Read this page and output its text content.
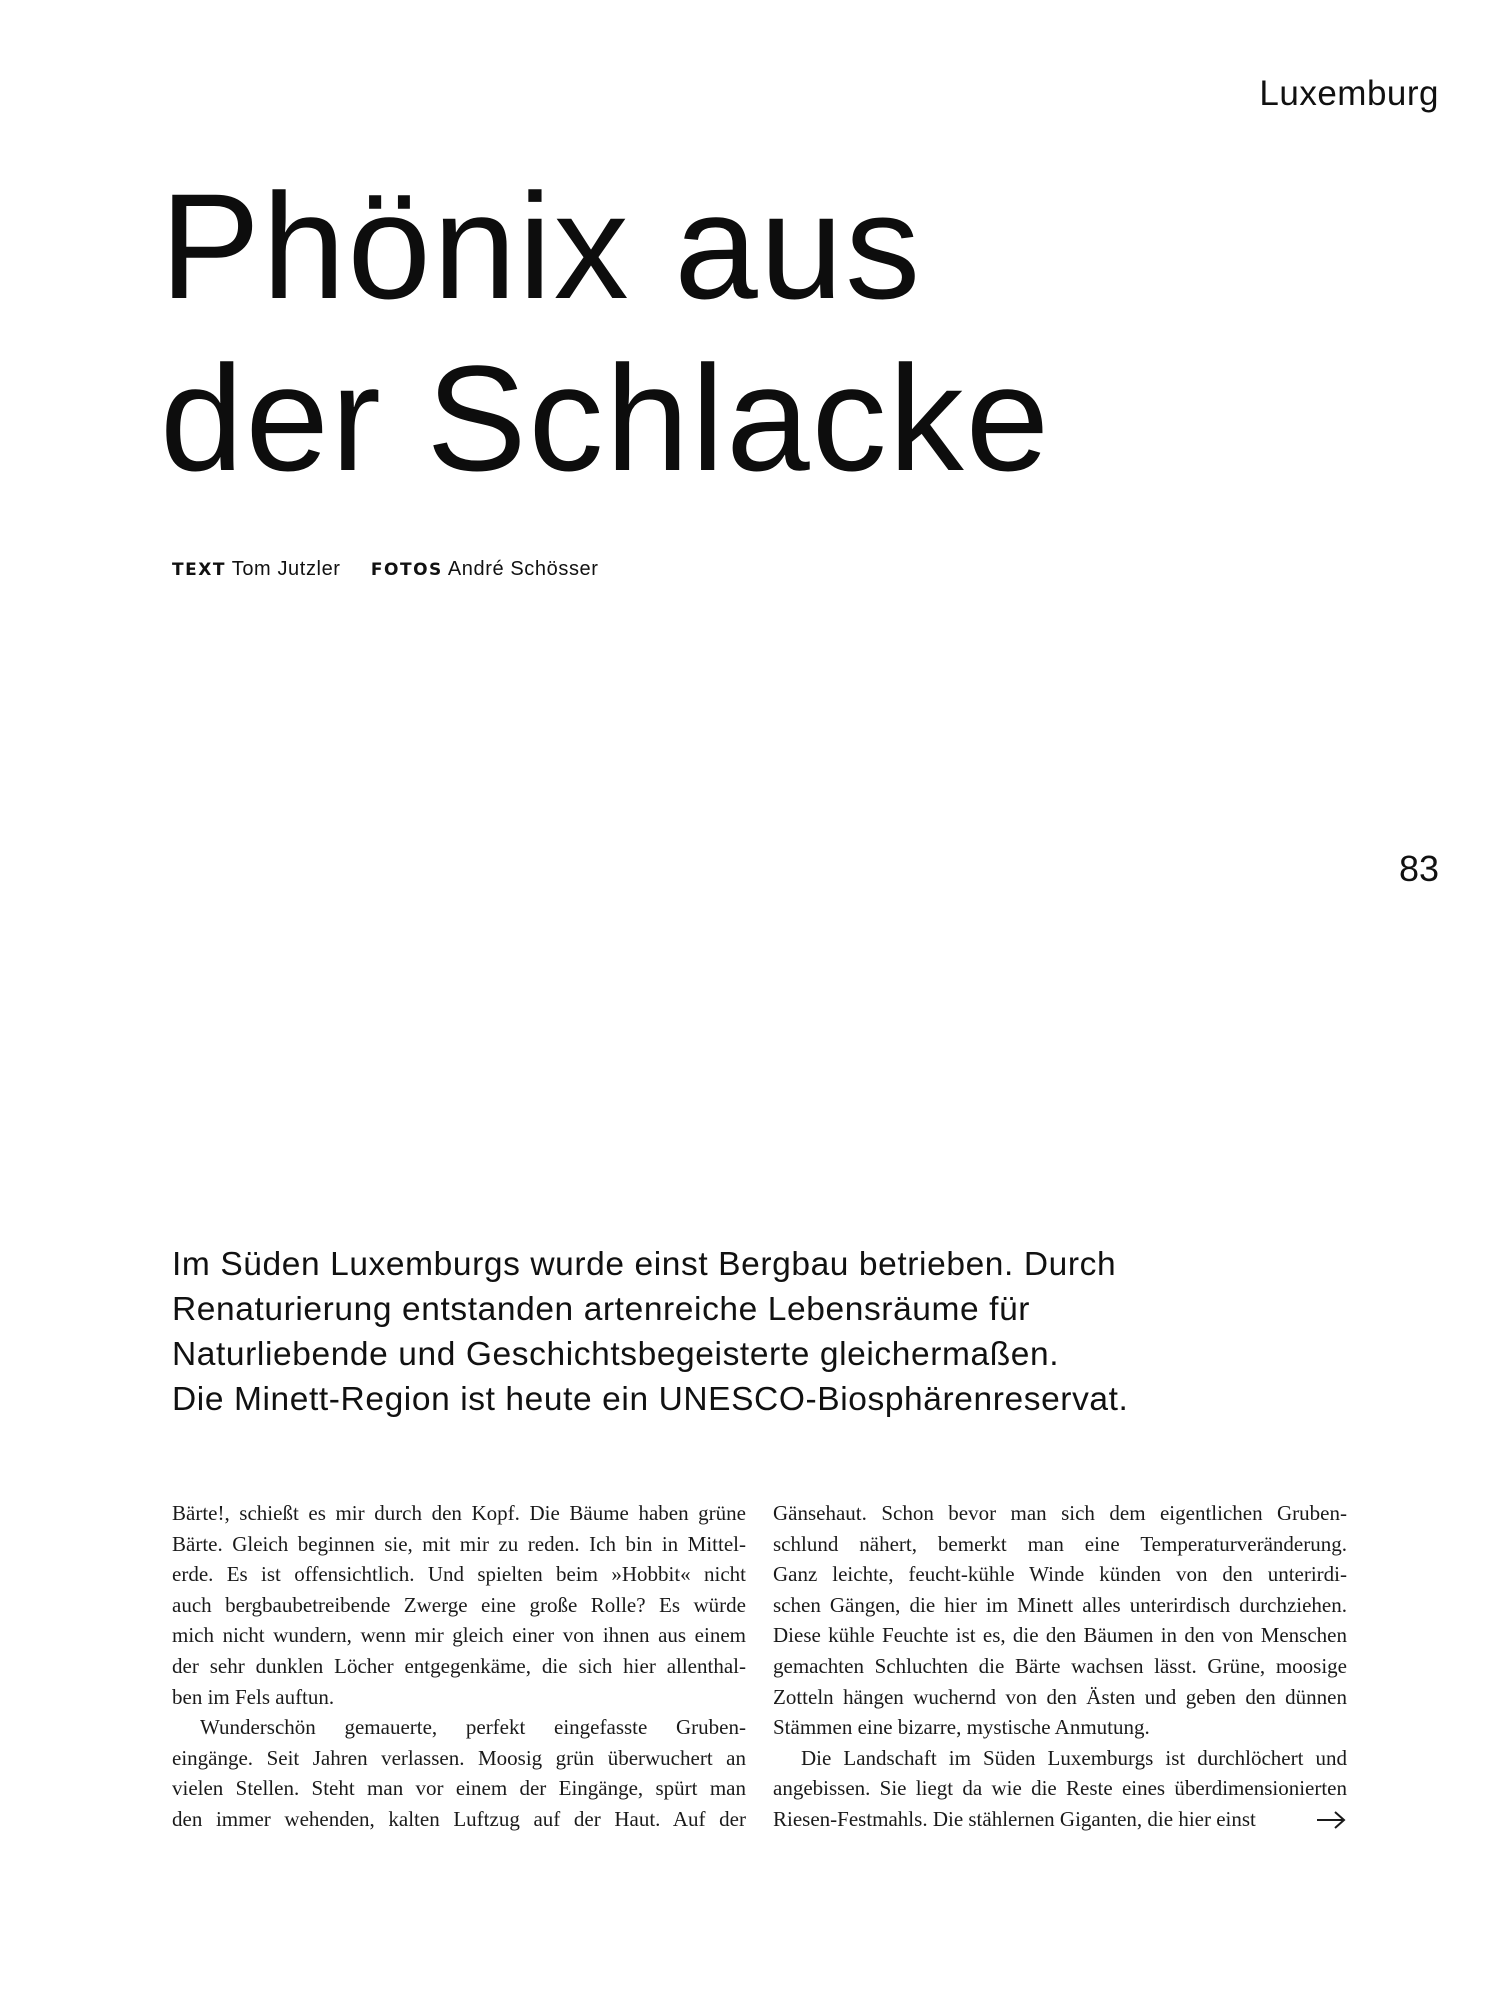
Luxemburg
Phönix aus
der Schlacke
TEXT Tom Jutzler FOTOS André Schösser
83
Im Süden Luxemburgs wurde einst Bergbau betrieben. Durch
Renaturierung entstanden artenreiche Lebensräume für
Naturliebende und Geschichtsbegeisterte gleichermaßen.
Die Minett-Region ist heute ein UNESCO-Biosphärenreservat.

Bärte!, schießt es mir durch den Kopf. Die Bäume haben grüne
Bärte. Gleich beginnen sie, mit mir zu reden. Ich bin in Mittel-
erde. Es ist offensichtlich. Und spielten beim »Hobbit« nicht
auch bergbaubetreibende Zwerge eine große Rolle? Es würde
mich nicht wundern, wenn mir gleich einer von ihnen aus einem
der sehr dunklen Löcher entgegenkäme, die sich hier allenthal-
ben im Fels auftun.

Wunderschön gemauerte, perfekt eingefasste Gruben-
eingänge. Seit Jahren verlassen. Moosig grün überwuchert an
vielen Stellen. Steht man vor einem der Eingänge, spürt man
den immer wehenden, kalten Luftzug auf der Haut. Auf der

Gänsehaut. Schon bevor man sich dem eigentlichen Gruben-
schlund nähert, bemerkt man eine Temperaturveränderung.
Ganz leichte, feucht-kühle Winde künden von den unterirdi-
schen Gängen, die hier im Minett alles unterirdisch durchziehen.
Diese kühle Feuchte ist es, die den Bäumen in den von Menschen
gemachten Schluchten die Bärte wachsen lässt. Grüne, moosige
Zotteln hängen wuchernd von den Ästen und geben den dünnen
Stämmen eine bizarre, mystische Anmutung.

Die Landschaft im Süden Luxemburgs ist durchlöchert und
angebissen. Sie liegt da wie die Reste eines überdimensionierten
Riesen-Festmahls. Die stählernen Giganten, die hier einst
